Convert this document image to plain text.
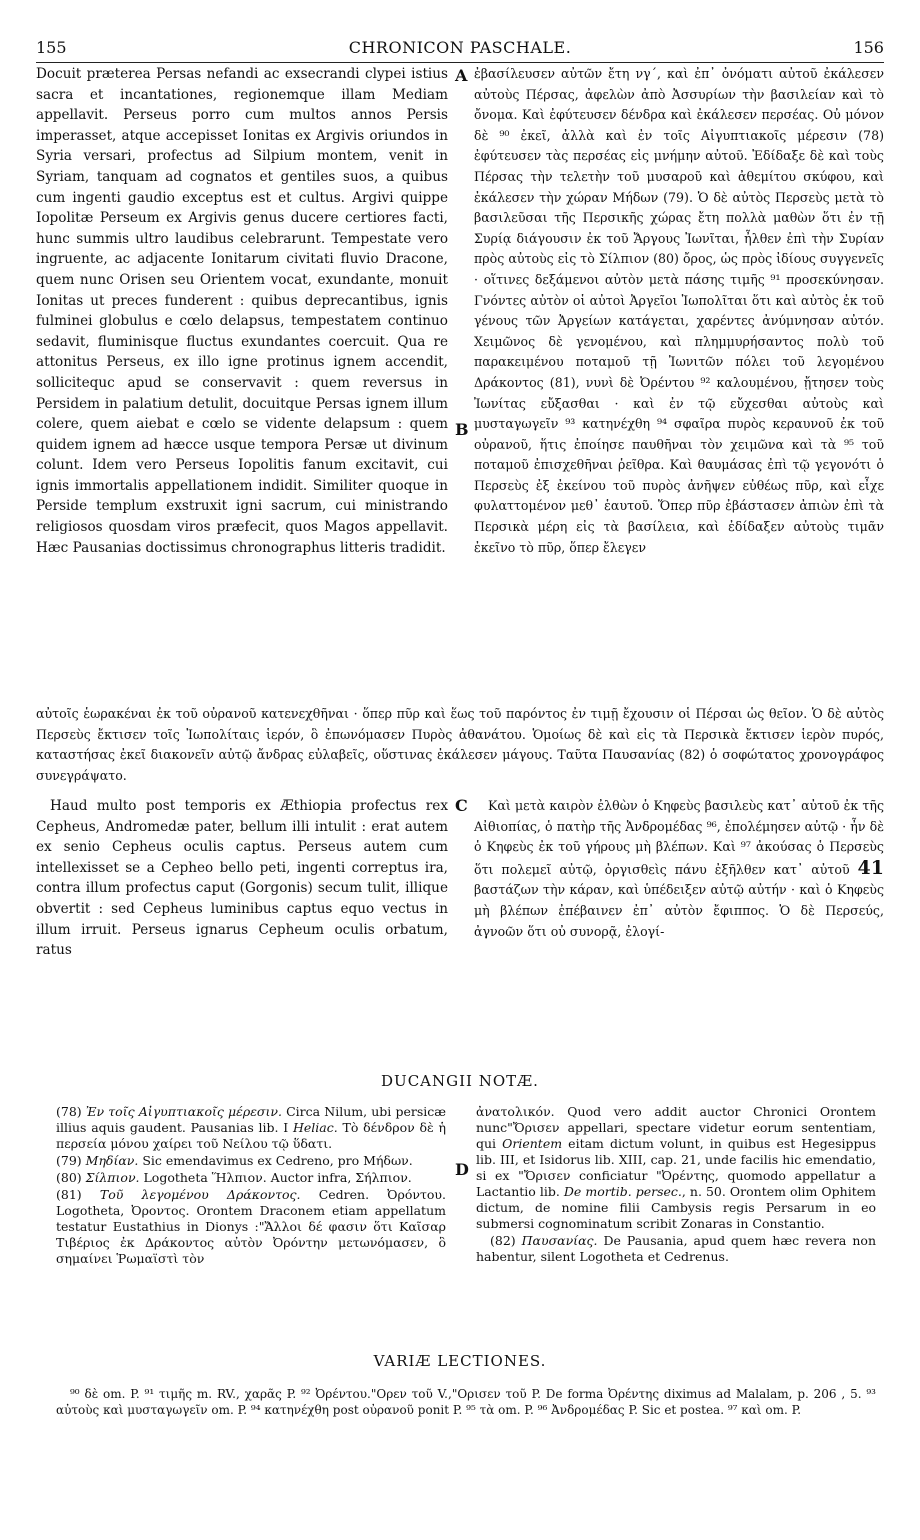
155	CHRONICON PASCHALE.	156
A
B
C
D

Docuit præterea Persas nefandi ac exsecrandi clypei istius sacra et incantationes, regionemque illam Mediam appellavit. Perseus porro cum multos annos Persis imperasset, atque accepisset Ionitas ex Argivis oriundos in Syria versari, profectus ad Silpium montem, venit in Syriam, tanquam ad cognatos et gentiles suos, a quibus cum ingenti gaudio exceptus est et cultus. Argivi quippe Iopolitæ Perseum ex Argivis genus ducere certiores facti, hunc summis ultro laudibus celebrarunt. Tempestate vero ingruente, ac adjacente Ionitarum civitati fluvio Dracone, quem nunc Orisen seu Orientem vocat, exundante, monuit Ionitas ut preces funderent : quibus deprecantibus, ignis fulminei globulus e cœlo delapsus, tempestatem continuo sedavit, fluminisque fluctus exundantes coercuit. Qua re attonitus Perseus, ex illo igne protinus ignem accendit, sollicitequc apud se conservavit : quem reversus in Persidem in palatium detulit, docuitque Persas ignem illum colere, quem aiebat e cœlo se vidente delapsum : quem quidem ignem ad hæcce usque tempora Persæ ut divinum colunt. Idem vero Perseus Iopolitis fanum excitavit, cui ignis immortalis appellationem indidit. Similiter quoque in Perside templum exstruxit igni sacrum, cui ministrando religiosos quosdam viros præfecit, quos Magos appellavit. Hæc Pausanias doctissimus chronographus litteris tradidit.

ἐβασίλευσεν αὐτῶν ἔτη νγ΄, καὶ ἐπ᾽ ὀνόματι αὐτοῦ ἐκάλεσεν αὐτοὺς Πέρσας, ἀφελὼν ἀπὸ Ἀσσυρίων τὴν βασιλείαν καὶ τὸ ὄνομα. Καὶ ἐφύτευσεν δένδρα καὶ ἐκάλεσεν περσέας. Οὐ μόνον δὲ ⁹⁰ ἐκεῖ, ἀλλὰ καὶ ἐν τοῖς Αἰγυπτιακοῖς μέρεσιν (78) ἐφύτευσεν τὰς περσέας εἰς μνήμην αὐτοῦ. Ἐδίδαξε δὲ καὶ τοὺς Πέρσας τὴν τελετὴν τοῦ μυσαροῦ καὶ ἀθεμίτου σκύφου, καὶ ἐκάλεσεν τὴν χώραν Μήδων (79). Ὁ δὲ αὐτὸς Περσεὺς μετὰ τὸ βασιλεῦσαι τῆς Περσικῆς χώρας ἔτη πολλὰ μαθὼν ὅτι ἐν τῇ Συρίᾳ διάγουσιν ἐκ τοῦ Ἄργους Ἰωνῖται, ἦλθεν ἐπὶ τὴν Συρίαν πρὸς αὐτοὺς εἰς τὸ Σίλπιον (80) ὄρος, ὡς πρὸς ἰδίους συγγενεῖς · οἵτινες δεξάμενοι αὐτὸν μετὰ πάσης τιμῆς ⁹¹ προσεκύνησαν. Γνόντες αὐτὸν οἱ αὐτοὶ Ἀργεῖοι Ἰωπολῖται ὅτι καὶ αὐτὸς ἐκ τοῦ γένους τῶν Ἀργείων κατάγεται, χαρέντες ἀνύμνησαν αὐτόν. Χειμῶνος δὲ γενομένου, καὶ πλημμυρήσαντος πολὺ τοῦ παρακειμένου ποταμοῦ τῇ Ἰωνιτῶν πόλει τοῦ λεγομένου Δράκοντος (81), νυνὶ δὲ Ὀρέντου ⁹² καλουμένου, ᾔτησεν τοὺς Ἰωνίτας εὔξασθαι · καὶ ἐν τῷ εὔχεσθαι αὐτοὺς καὶ μυσταγωγεῖν ⁹³ κατηνέχθη ⁹⁴ σφαῖρα πυρὸς κεραυνοῦ ἐκ τοῦ οὐρανοῦ, ἥτις ἐποίησε παυθῆναι τὸν χειμῶνα καὶ τὰ ⁹⁵ τοῦ ποταμοῦ ἐπισχεθῆναι ῥεῖθρα. Καὶ θαυμάσας ἐπὶ τῷ γεγονότι ὁ Περσεὺς ἐξ ἐκείνου τοῦ πυρὸς ἀνῆψεν εὐθέως πῦρ, καὶ εἶχε φυλαττομένον μεθ᾽ ἑαυτοῦ. Ὅπερ πῦρ ἐβάστασεν ἀπιὼν ἐπὶ τὰ Περσικὰ μέρη εἰς τὰ βασίλεια, καὶ ἐδίδαξεν αὐτοὺς τιμᾶν ἐκεῖνο τὸ πῦρ, ὅπερ ἔλεγεν

αὐτοῖς ἑωρακέναι ἐκ τοῦ οὐρανοῦ κατενεχθῆναι · ὅπερ πῦρ καὶ ἕως τοῦ παρόντος ἐν τιμῇ ἔχουσιν οἱ Πέρσαι ὡς θεῖον. Ὁ δὲ αὐτὸς Περσεὺς ἔκτισεν τοῖς Ἰωπολίταις ἱερόν, ὃ ἐπωνόμασεν Πυρὸς ἀθανάτου. Ὁμοίως δὲ καὶ εἰς τὰ Περσικὰ ἔκτισεν ἱερὸν πυρός, καταστήσας ἐκεῖ διακονεῖν αὐτῷ ἄνδρας εὐλαβεῖς, οὕστινας ἐκάλεσεν μάγους. Ταῦτα Παυσανίας (82) ὁ σοφώτατος χρονογράφος συνεγράψατο.

Haud multo post temporis ex Æthiopia profectus rex Cepheus, Andromedæ pater, bellum illi intulit : erat autem ex senio Cepheus oculis captus. Perseus autem cum intellexisset se a Cepheo bello peti, ingenti correptus ira, contra illum profectus caput (Gorgonis) secum tulit, illique obvertit : sed Cepheus luminibus captus equo vectus in illum irruit. Perseus ignarus Cepheum oculis orbatum, ratus

Καὶ μετὰ καιρὸν ἐλθὼν ὁ Κηφεὺς βασιλεὺς κατ᾽ αὐτοῦ ἐκ τῆς Αἰθιοπίας, ὁ πατὴρ τῆς Ἀνδρομέδας ⁹⁶, ἐπολέμησεν αὐτῷ · ἦν δὲ ὁ Κηφεὺς ἐκ τοῦ γήρους μὴ βλέπων. Καὶ ⁹⁷ ἀκούσας ὁ Περσεὺς ὅτι πολεμεῖ αὐτῷ, ὀργισθεὶς πάνυ ἐξῆλθεν κατ᾽ αὐτοῦ 41 βαστάζων τὴν κάραν, καὶ ὑπέδειξεν αὐτῷ αὐτήν · καὶ ὁ Κηφεὺς μὴ βλέπων ἐπέβαινεν ἐπ᾽ αὐτὸν ἔφιππος. Ὁ δὲ Περσεύς, ἀγνοῶν ὅτι οὐ συνορᾷ, ἐλογί-

DUCANGII NOTÆ.

(78) Ἐν τοῖς Αἰγυπτιακοῖς μέρεσιν. Circa Nilum, ubi persicæ illius aquis gaudent. Pausanias lib. I Heliac. Τὸ δένδρον δὲ ἡ περσεία μόνου χαίρει τοῦ Νείλου τῷ ὕδατι.

(79) Μηδίαν. Sic emendavimus ex Cedreno, pro Μήδων.

(80) Σίλπιον. Logotheta Ἥλπιον. Auctor infra, Σήλπιον.

(81) Τοῦ λεγομένου Δράκοντος. Cedren. Ὀρόντου. Logotheta, Ὀροντος. Orontem Draconem etiam appellatum testatur Eustathius in Dionys :"Ἄλλοι δέ φασιν ὅτι Καῖσαρ Τιβέριος ἐκ Δράκοντος αὐτὸν Ὀρόντην μετωνόμασεν, ὃ σημαίνει Ῥωμαϊστὶ τὸν

ἀνατολικόν. Quod vero addit auctor Chronici Orontem nunc"Ὄρισεν appellari, spectare videtur eorum sententiam, qui Orientem eitam dictum volunt, in quibus est Hegesippus lib. III, et Isidorus lib. XIII, cap. 21, unde facilis hic emendatio, si ex "Ὄρισεν conficiatur "Ὀρέντης, quomodo appellatur a Lactantio lib. De mortib. persec., n. 50. Orontem olim Ophitem dictum, de nomine filii Cambysis regis Persarum in eo submersi cognominatum scribit Zonaras in Constantio.

(82) Παυσανίας. De Pausania, apud quem hæc revera non habentur, silent Logotheta et Cedrenus.

VARIÆ LECTIONES.

⁹⁰ δὲ om. P. ⁹¹ τιμῆς m. RV., χαρᾶς P. ⁹² Ὀρέντου."Ορεν τοῦ V.,"Ορισεν τοῦ P. De forma Ὀρέντης diximus ad Malalam, p. 206 , 5. ⁹³ αὐτοὺς καὶ μυσταγωγεῖν om. P. ⁹⁴ κατηνέχθη post οὐρανοῦ ponit P. ⁹⁵ τὰ om. P. ⁹⁶ Ἀνδρομέδας P. Sic et postea. ⁹⁷ καὶ om. P.
